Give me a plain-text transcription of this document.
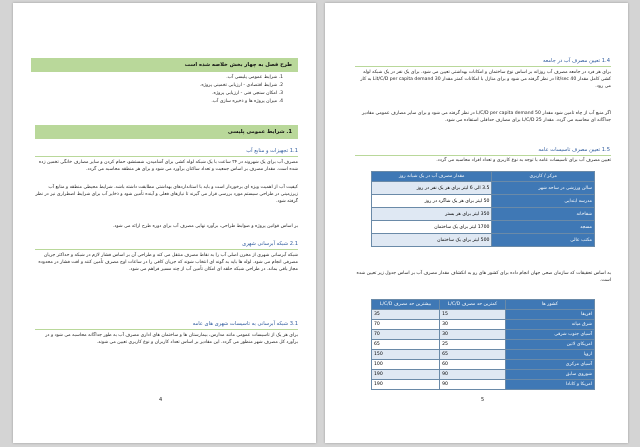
طرح فصل به چهار بخش خلاصه شده است
1. شرایط عمومی پلیسی آب.
2. شرایط اقتصادی - ارزیابی تخمینی پروژه.
3. امکان سنجی فنی - ارزیابی پروژه.
4. میزان پروژه ها و ذخیره سازی آب.
1. شرایط عمومی پلیسی
1.1 تجهیزات و منابع آب
مصرف آب برای یک شهروند در ۲۴ ساعت با یک شبکه لوله کشی برای آشامیدن، شستشو، حمام کردن و سایر مصارف خانگی تخمین زده شده است. مقدار مصرف بر اساس جمعیت و تعداد ساکنان برآورد می شود و برای هر منطقه محاسبه می گردد.
کیفیت آب از اهمیت ویژه ای برخوردار است و باید با استانداردهای بهداشتی مطابقت داشته باشد. شرایط محیطی منطقه و منابع آب زیرزمینی در طراحی سیستم مورد بررسی قرار می گیرند تا نیازهای فعلی و آینده تأمین شود و ذخایر آب برای شرایط اضطراری نیز در نظر گرفته شود.
بر اساس قوانین پروژه و ضوابط طراحی، برآورد نهایی مصرف آب برای دوره طرح ارائه می شود.
2.1 شبکه آبرسانی شهری
شبکه آبرسانی شهری از مخزن اصلی آب را به نقاط مصرف منتقل می کند و طراحی آن بر اساس فشار لازم در شبکه و حداکثر جریان مصرفی انجام می شود. لوله ها باید به گونه ای انتخاب شوند که جریان کافی را در ساعات اوج مصرف تأمین کنند و افت فشار در محدوده مجاز باقی بماند. در طراحی شبکه حلقه ای امکان تأمین آب از چند مسیر فراهم می شود.
3.1 شبکه آبرسانی به تاسیسات شهری های عامه
برای هر یک از تاسیسات عمومی مانند مدارس، بیمارستان ها و ساختمان های اداری مصرف آب به طور جداگانه محاسبه می شود و در برآورد کل مصرف شهر منظور می گردد. این مقادیر بر اساس تعداد کاربران و نوع کاربری تعیین می شوند.
4
1.4 تعیین مصرف آب در جامعه
برای هر فرد در جامعه مصرف آب روزانه بر اساس نوع ساختمان و امکانات بهداشتی تعیین می شود. برای یک نفر در یک شبکه لوله کشی کامل مقدار 40 lit/sec در نظر گرفته می شود و برای منازل با امکانات کمتر مقدار 30 Lit/C/D per capita demand به کار می رود.
اگر منبع آب از چاه تامین شود مقدار 50 L/C/D per capita demand در نظر گرفته می شود و برای سایر مصارف عمومی مقادیر جداگانه ای محاسبه می گردد. مقدار 25 L/C/D برای مصارف حداقلی استفاده می شود.
1.5 تعیین مصرف تاسیسات عامه
تعیین مصرف آب برای تاسیسات عامه با توجه به نوع کاربری و تعداد افراد محاسبه می گردد.
مرکز / کاربری	مقدار مصرف آب در یک شبانه روز
سالن ورزشی در ساحه شهر	3.5 الی 6 لیتر برای هر یک نفر در روز
مدرسه ابتدایی	50 لیتر برای هر یک شاگرد در روز
شفاخانه	350 لیتر برای هر بستر
مسجد	1700 لیتر برای یک ساختمان
مکتب عالی	500 لیتر برای یک ساختمان
به اساس تحقیقات که سازمان صحی جهان انجام داده برای کشور های رو به انکشاف مقدار مصرف آب بر اساس جدول زیر تعیین شده است.
کشور ها	کمترین حد مصرف L/C/D	بیشترین حد مصرف L/C/D
افریقا	15	35
شرق میانه	30	70
آسیای جنوب شرقی	30	70
امریکای لاتین	25	65
اروپا	65	150
آسیای مرکزی	60	100
شوروی سابق	90	190
امریکا و کانادا	90	190
5
